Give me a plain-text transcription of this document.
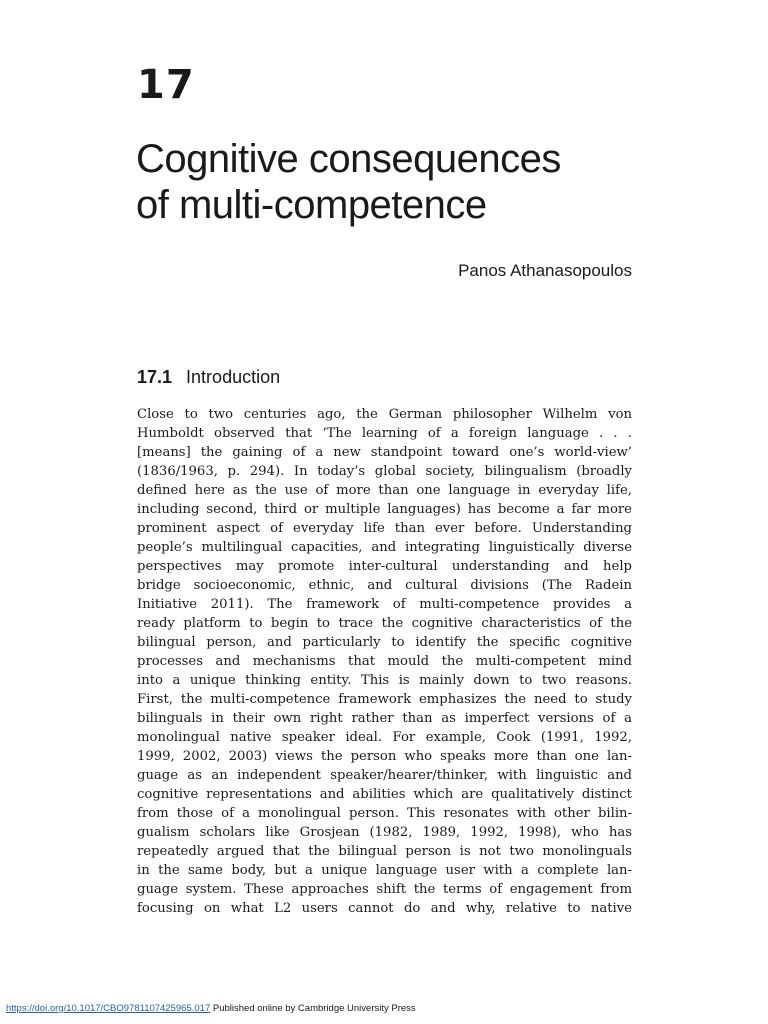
17
Cognitive consequences
of multi-competence
Panos Athanasopoulos
17.1 Introduction
Close to two centuries ago, the German philosopher Wilhelm von
Humboldt observed that ‘The learning of a foreign language . . .
[means] the gaining of a new standpoint toward one’s world-view’
(1836/1963, p. 294). In today’s global society, bilingualism (broadly
defined here as the use of more than one language in everyday life,
including second, third or multiple languages) has become a far more
prominent aspect of everyday life than ever before. Understanding
people’s multilingual capacities, and integrating linguistically diverse
perspectives may promote inter-cultural understanding and help
bridge socioeconomic, ethnic, and cultural divisions (The Radein
Initiative 2011). The framework of multi-competence provides a
ready platform to begin to trace the cognitive characteristics of the
bilingual person, and particularly to identify the specific cognitive
processes and mechanisms that mould the multi-competent mind
into a unique thinking entity. This is mainly down to two reasons.
First, the multi-competence framework emphasizes the need to study
bilinguals in their own right rather than as imperfect versions of a
monolingual native speaker ideal. For example, Cook (1991, 1992,
1999, 2002, 2003) views the person who speaks more than one lan-
guage as an independent speaker/hearer/thinker, with linguistic and
cognitive representations and abilities which are qualitatively distinct
from those of a monolingual person. This resonates with other bilin-
gualism scholars like Grosjean (1982, 1989, 1992, 1998), who has
repeatedly argued that the bilingual person is not two monolinguals
in the same body, but a unique language user with a complete lan-
guage system. These approaches shift the terms of engagement from
focusing on what L2 users cannot do and why, relative to native
https://doi.org/10.1017/CBO9781107425965.017 Published online by Cambridge University Press
